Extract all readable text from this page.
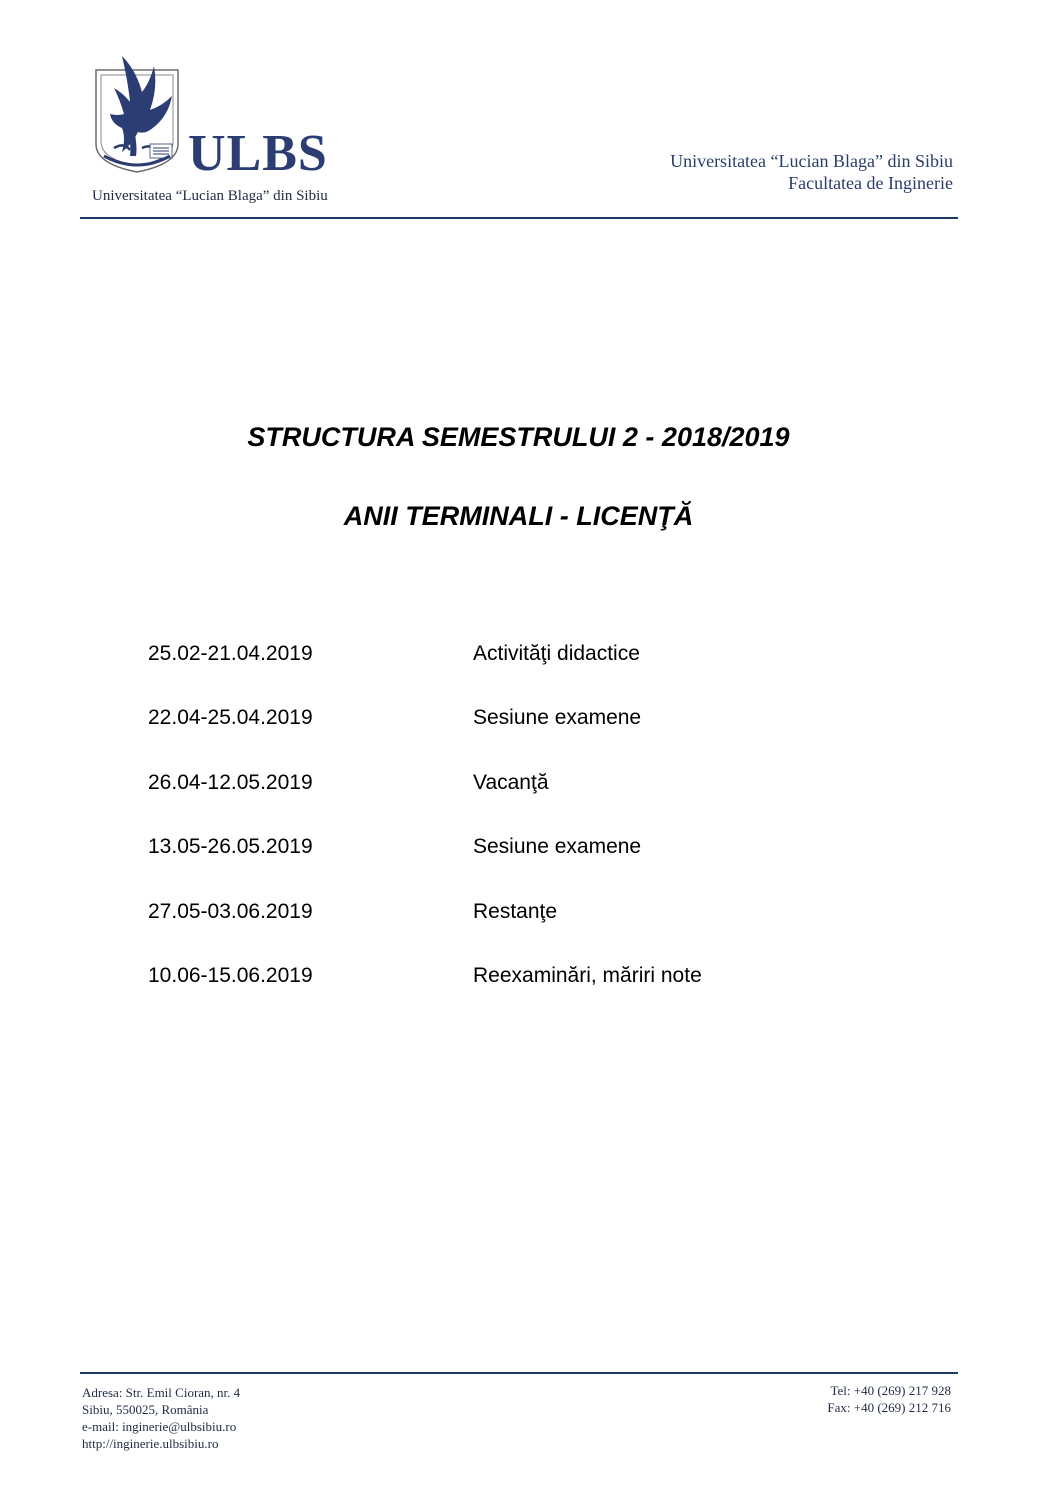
ULBS
Universitatea “Lucian Blaga” din Sibiu
Universitatea “Lucian Blaga” din Sibiu
Facultatea de Inginerie
STRUCTURA SEMESTRULUI 2 - 2018/2019
ANII TERMINALI - LICENŢĂ
25.02-21.04.2019	Activităţi didactice
22.04-25.04.2019	Sesiune examene
26.04-12.05.2019	Vacanţă
13.05-26.05.2019	Sesiune examene
27.05-03.06.2019	Restanţe
10.06-15.06.2019	Reexaminări, măriri note
Adresa: Str. Emil Cioran, nr. 4
Sibiu, 550025, România
e-mail: inginerie@ulbsibiu.ro
http://inginerie.ulbsibiu.ro
Tel: +40 (269) 217 928
Fax: +40 (269) 212 716
